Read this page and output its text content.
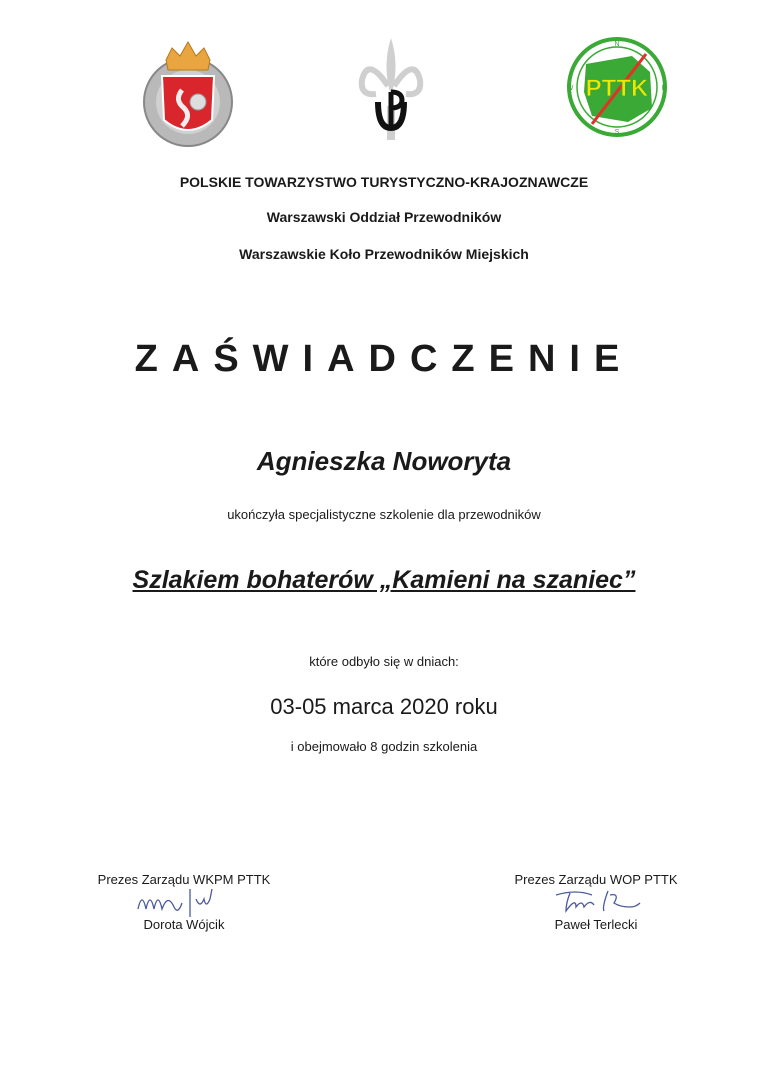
PTTK
N
E
S
W
POLSKIE TOWARZYSTWO TURYSTYCZNO-KRAJOZNAWCZE
Warszawski Oddział Przewodników
Warszawskie Koło Przewodników Miejskich
ZAŚWIADCZENIE
Agnieszka Noworyta
ukończyła specjalistyczne szkolenie dla przewodników
Szlakiem bohaterów „Kamieni na szaniec”
które odbyło się w dniach:
03-05 marca 2020 roku
i obejmowało 8 godzin szkolenia
Prezes Zarządu WKPM PTTK
Dorota Wójcik
Prezes Zarządu WOP PTTK
Paweł Terlecki
